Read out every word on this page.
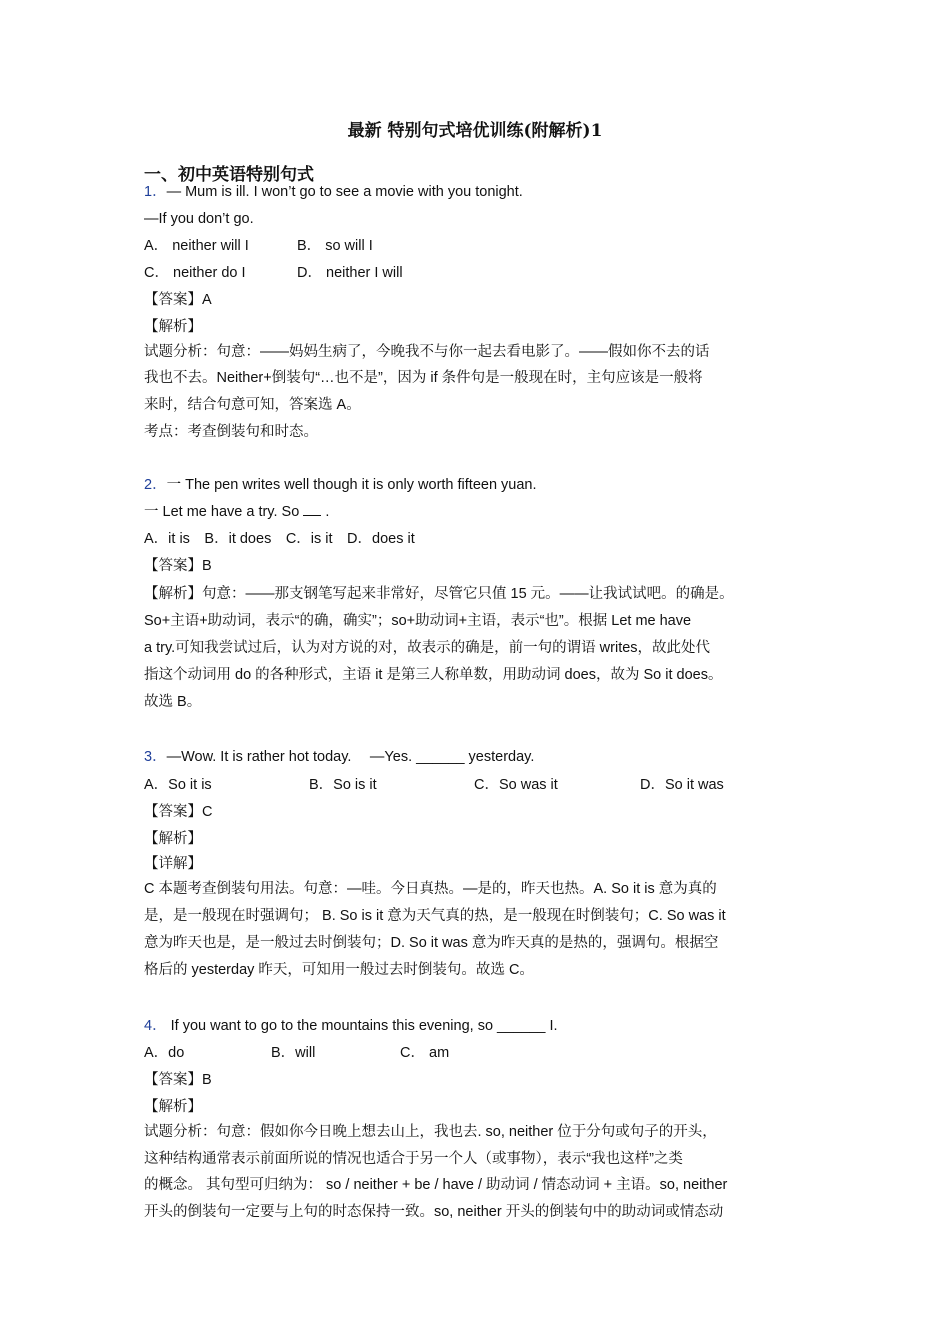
最新 特别句式培优训练(附解析)1
一、初中英语特别句式
1．— Mum is ill. I won’t go to see a movie with you tonight.
—If you don’t go.
A． neither will I	B． so will I
C． neither do I	D． neither I will
【答案】A
【解析】
试题分析：句意：——妈妈生病了，今晚我不与你一起去看电影了。——假如你不去的话
我也不去。Neither+倒装句“…也不是”，因为 if 条件句是一般现在时，主句应该是一般将
来时，结合句意可知，答案选 A。
考点：考查倒装句和时态。
2．一 The pen writes well though it is only worth fifteen yuan.
一 Let me have a try. So .
A．it is　B．it does　C．is it　D．does it
【答案】B
【解析】句意：——那支钢笔写起来非常好，尽管它只值 15 元。——让我试试吧。的确是。
So+主语+助动词，表示“的确，确实”；so+助动词+主语，表示“也”。根据 Let me have
a try.可知我尝试过后，认为对方说的对，故表示的确是，前一句的谓语 writes，故此处代
指这个动词用 do 的各种形式，主语 it 是第三人称单数，用助动词 does，故为 So it does。
故选 B。
3．—Wow. It is rather hot today.　 —Yes. ______ yesterday.
A．So it is	B．So is it	C．So was it	D．So it was
【答案】C
【解析】
【详解】
C 本题考查倒装句用法。句意：—哇。今日真热。—是的，昨天也热。A. So it is 意为真的
是，是一般现在时强调句； B. So is it 意为天气真的热，是一般现在时倒装句；C. So was it
意为昨天也是，是一般过去时倒装句；D. So it was 意为昨天真的是热的，强调句。根据空
格后的 yesterday 昨天，可知用一般过去时倒装句。故选 C。
4． If you want to go to the mountains this evening, so ______ I.
A．do	B．will	C． am
【答案】B
【解析】
试题分析：句意：假如你今日晚上想去山上，我也去. so, neither 位于分句或句子的开头，
这种结构通常表示前面所说的情况也适合于另一个人（或事物），表示“我也这样”之类
的概念。 其句型可归纳为： so / neither + be / have / 助动词 / 情态动词 + 主语。so, neither
开头的倒装句一定要与上句的时态保持一致。so, neither 开头的倒装句中的助动词或情态动
